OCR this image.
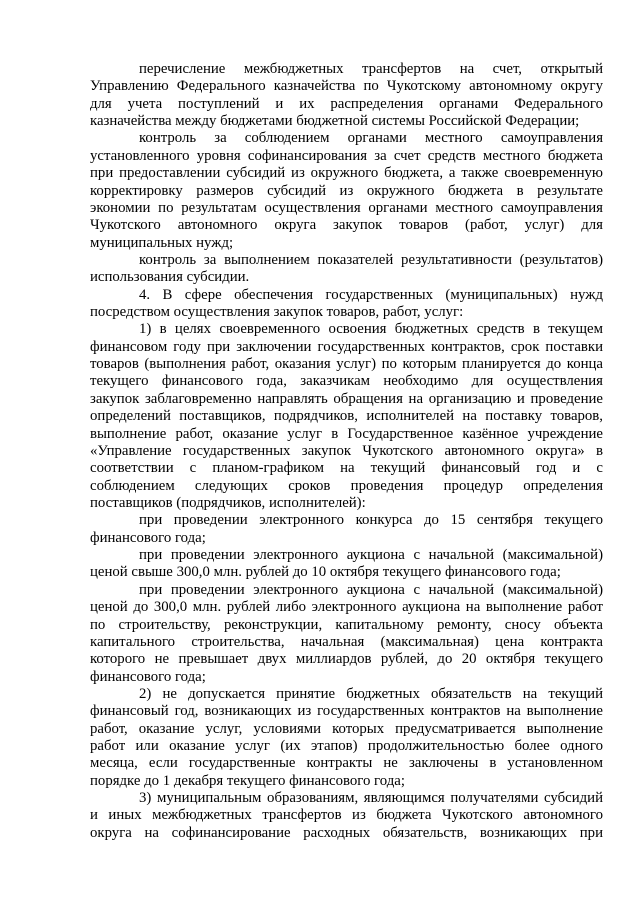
перечисление межбюджетных трансфертов на счет, открытый
Управлению Федерального казначейства по Чукотскому автономному округу
для учета поступлений и их распределения органами Федерального
казначейства между бюджетами бюджетной системы Российской Федерации;
контроль за соблюдением органами местного самоуправления
установленного уровня софинансирования за счет средств местного бюджета
при предоставлении субсидий из окружного бюджета, а также своевременную
корректировку размеров субсидий из окружного бюджета в результате
экономии по результатам осуществления органами местного самоуправления
Чукотского автономного округа закупок товаров (работ, услуг) для
муниципальных нужд;
контроль за выполнением показателей результативности (результатов)
использования субсидии.
4. В сфере обеспечения государственных (муниципальных) нужд
посредством осуществления закупок товаров, работ, услуг:
1) в целях своевременного освоения бюджетных средств в текущем
финансовом году при заключении государственных контрактов, срок поставки
товаров (выполнения работ, оказания услуг) по которым планируется до конца
текущего финансового года, заказчикам необходимо для осуществления
закупок заблаговременно направлять обращения на организацию и проведение
определений поставщиков, подрядчиков, исполнителей на поставку товаров,
выполнение работ, оказание услуг в Государственное казённое учреждение
«Управление государственных закупок Чукотского автономного округа» в
соответствии с планом-графиком на текущий финансовый год и с
соблюдением следующих сроков проведения процедур определения
поставщиков (подрядчиков, исполнителей):
при проведении электронного конкурса до 15 сентября текущего
финансового года;
при проведении электронного аукциона с начальной (максимальной)
ценой свыше 300,0 млн. рублей до 10 октября текущего финансового года;
при проведении электронного аукциона с начальной (максимальной)
ценой до 300,0 млн. рублей либо электронного аукциона на выполнение работ
по строительству, реконструкции, капитальному ремонту, сносу объекта
капитального строительства, начальная (максимальная) цена контракта
которого не превышает двух миллиардов рублей, до 20 октября текущего
финансового года;
2) не допускается принятие бюджетных обязательств на текущий
финансовый год, возникающих из государственных контрактов на выполнение
работ, оказание услуг, условиями которых предусматривается выполнение
работ или оказание услуг (их этапов) продолжительностью более одного
месяца, если государственные контракты не заключены в установленном
порядке до 1 декабря текущего финансового года;
3) муниципальным образованиям, являющимся получателями субсидий
и иных межбюджетных трансфертов из бюджета Чукотского автономного
округа на софинансирование расходных обязательств, возникающих при
